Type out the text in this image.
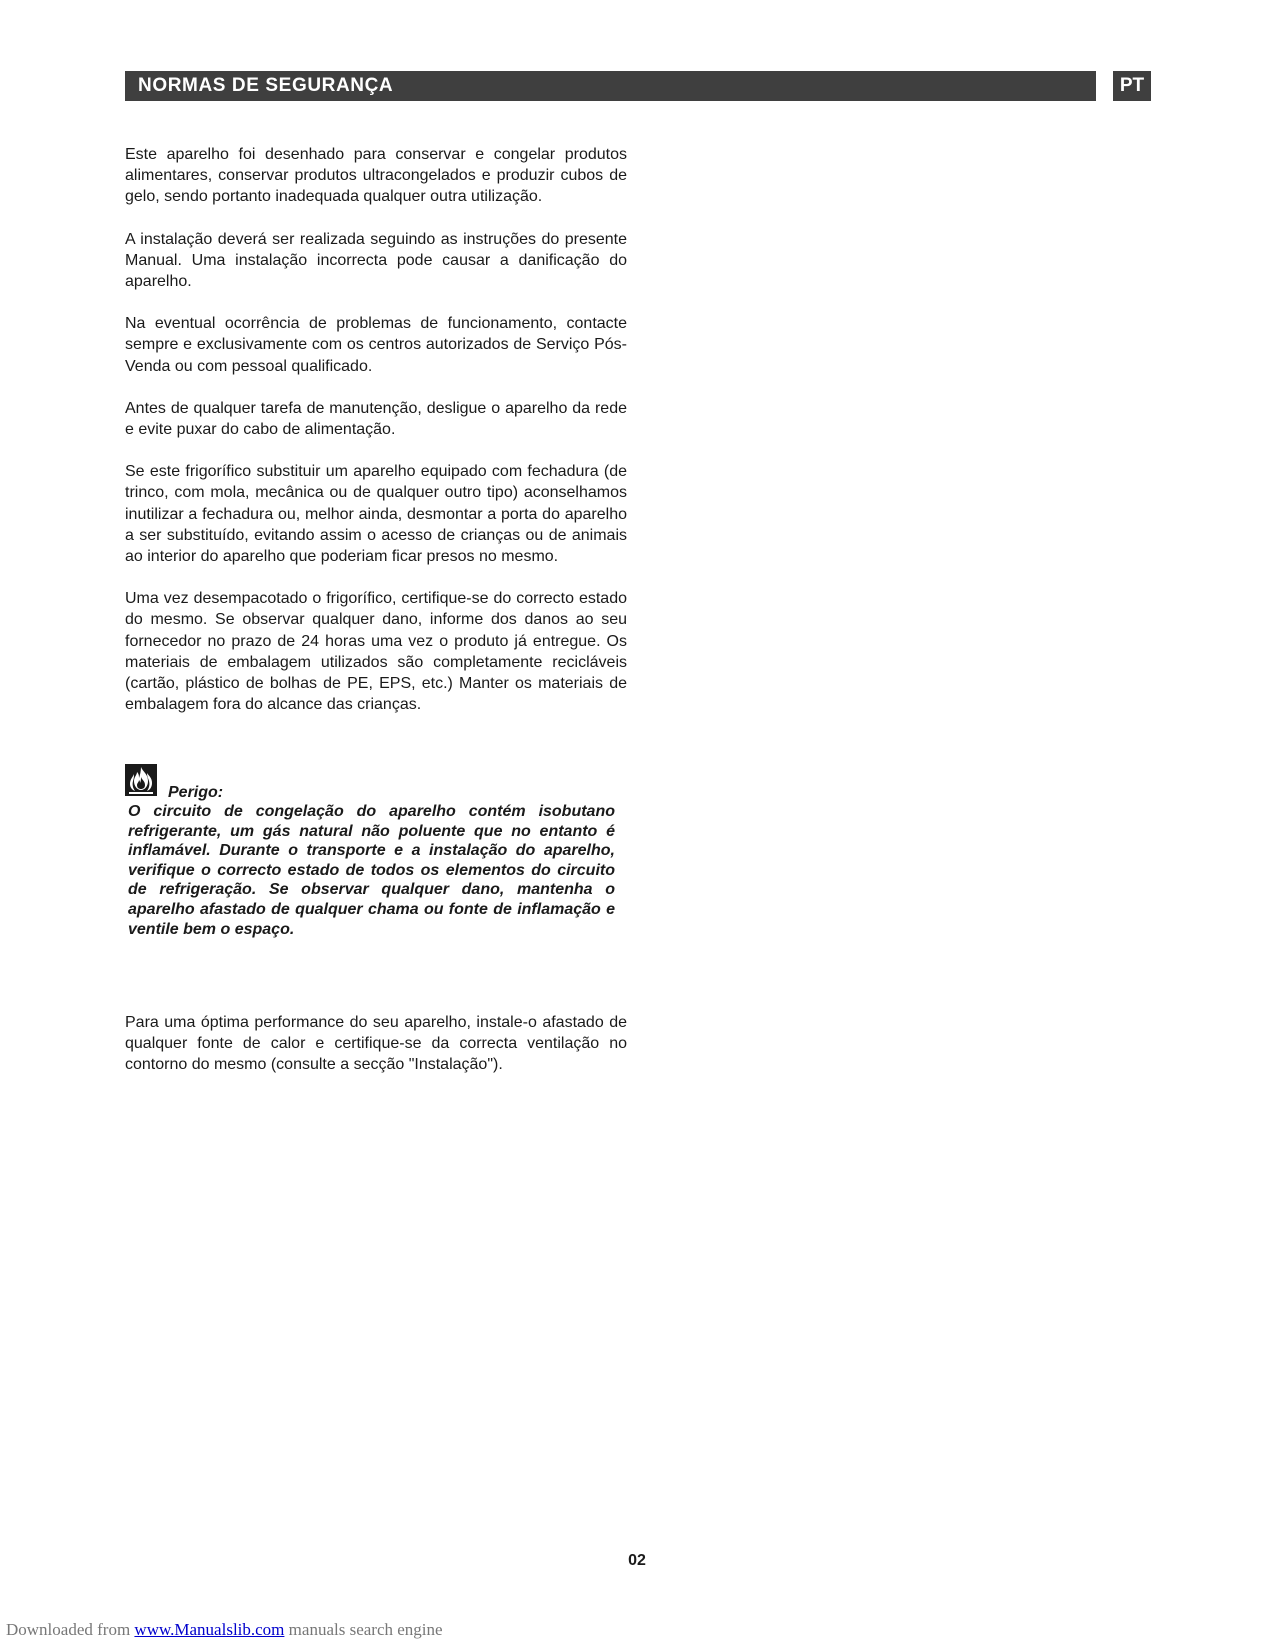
NORMAS DE SEGURANÇA	PT

Este aparelho foi desenhado para conservar e congelar produtos alimentares, conservar produtos ultracongelados e produzir cubos de gelo, sendo portanto inadequada qualquer outra utilização.

A instalação deverá ser realizada seguindo as instruções do presente Manual. Uma instalação incorrecta pode causar a danificação do aparelho.

Na eventual ocorrência de problemas de funcionamento, contacte sempre e exclusivamente com os centros autorizados de Serviço Pós-Venda ou com pessoal qualificado.

Antes de qualquer tarefa de manutenção, desligue o aparelho da rede e evite puxar do cabo de alimentação.

Se este frigorífico substituir um aparelho equipado com fechadura (de trinco, com mola, mecânica ou de qualquer outro tipo) aconselhamos inutilizar a fechadura ou, melhor ainda, desmontar a porta do aparelho a ser substituído, evitando assim o acesso de crianças ou de animais ao interior do aparelho que poderiam ficar presos no mesmo.

Uma vez desempacotado o frigorífico, certifique-se do correcto estado do mesmo. Se observar qualquer dano, informe dos danos ao seu fornecedor no prazo de 24 horas uma vez o produto já entregue. Os materiais de embalagem utilizados são completamente recicláveis (cartão, plástico de bolhas de PE, EPS, etc.) Manter os materiais de embalagem fora do alcance das crianças.

Perigo:

O circuito de congelação do aparelho contém isobutano refrigerante, um gás natural não poluente que no entanto é inflamável. Durante o transporte e a instalação do aparelho, verifique o correcto estado de todos os elementos do circuito de refrigeração. Se observar qualquer dano, mantenha o aparelho afastado de qualquer chama ou fonte de inflamação e ventile bem o espaço.

Para uma óptima performance do seu aparelho, instale-o afastado de qualquer fonte de calor e certifique-se da correcta ventilação no contorno do mesmo (consulte a secção "Instalação").

02
Downloaded from www.Manualslib.com manuals search engine
